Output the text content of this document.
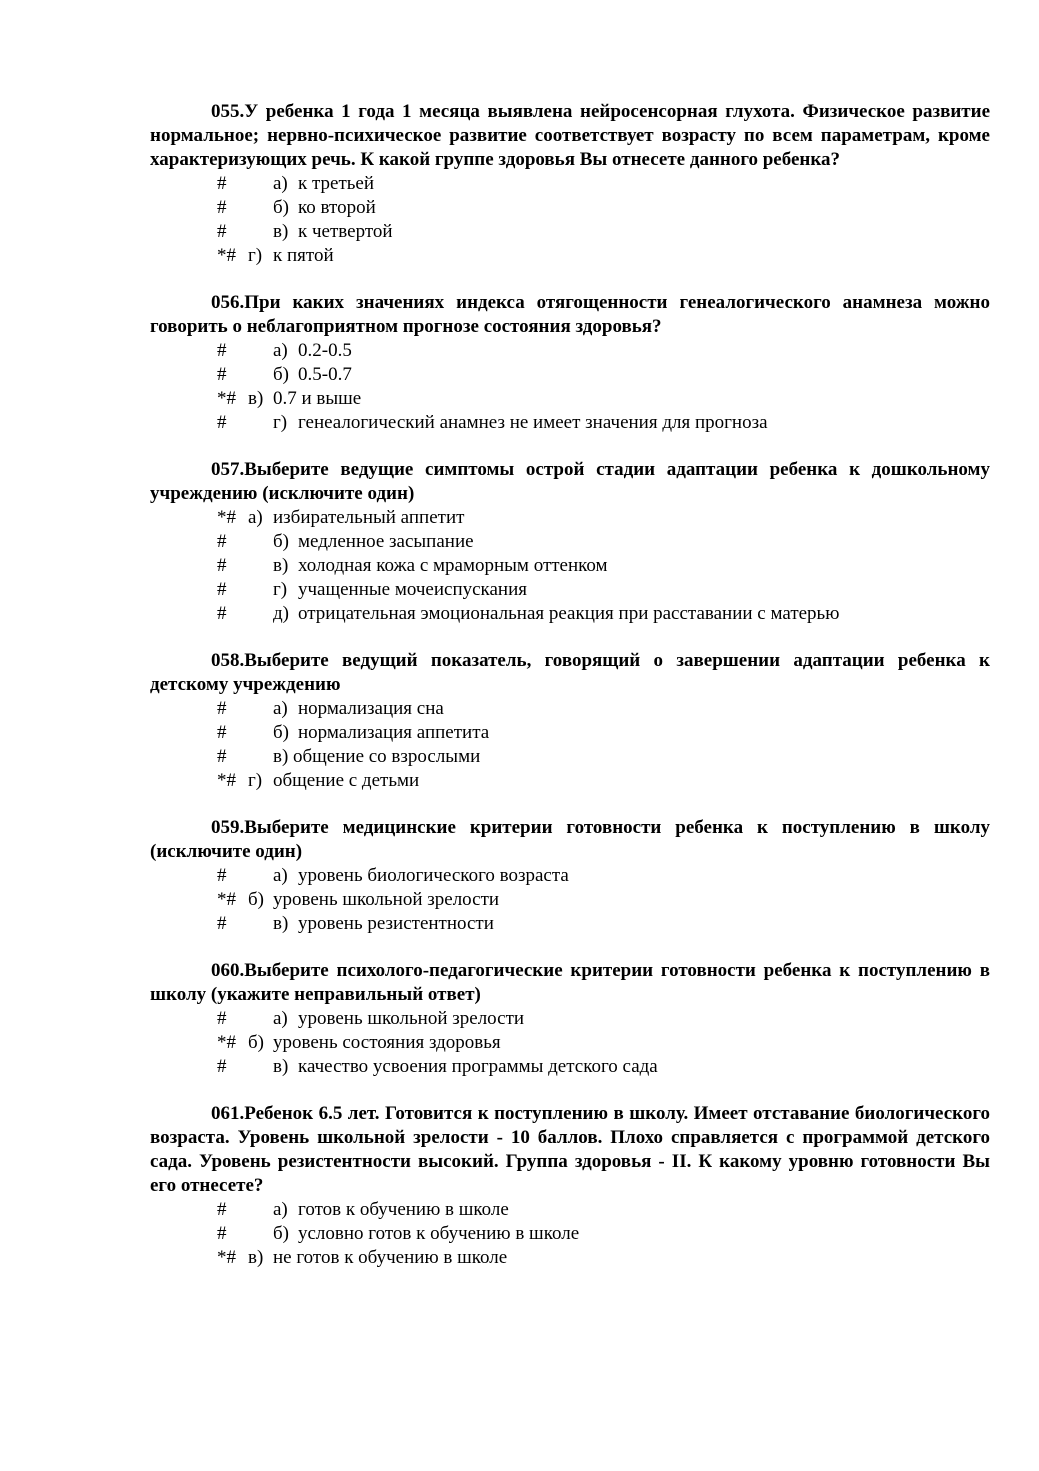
055.У ребенка 1 года 1 месяца выявлена нейросенсорная глухота. Физическое развитие нормальное; нервно-психическое развитие соответствует возрасту по всем параметрам, кроме характеризующих речь. К какой группе здоровья Вы отнесете данного ребенка?

# а) к третьей
# б) ко второй
# в) к четвертой
*# г) к пятой

056.При каких значениях индекса отягощенности генеалогического анамнеза можно говорить о неблагоприятном прогнозе состояния здоровья?

# а) 0.2-0.5
# б) 0.5-0.7
*# в) 0.7 и выше
# г) генеалогический анамнез не имеет значения для прогноза

057.Выберите ведущие симптомы острой стадии адаптации ребенка к дошкольному учреждению (исключите один)

*# а) избирательный аппетит
# б) медленное засыпание
# в) холодная кожа с мраморным оттенком
# г) учащенные мочеиспускания
# д) отрицательная эмоциональная реакция при расставании с матерью

058.Выберите ведущий показатель, говорящий о завершении адаптации ребенка к детскому учреждению

# а) нормализация сна
# б) нормализация аппетита
# в) общение со взрослыми
*# г) общение с детьми

059.Выберите медицинские критерии готовности ребенка к поступлению в школу (исключите один)

# а) уровень биологического возраста
*# б) уровень школьной зрелости
# в) уровень резистентности

060.Выберите психолого-педагогические критерии готовности ребенка к поступлению в школу (укажите неправильный ответ)

# а) уровень школьной зрелости
*# б) уровень состояния здоровья
# в) качество усвоения программы детского сада

061.Ребенок 6.5 лет. Готовится к поступлению в школу. Имеет отставание биологического возраста. Уровень школьной зрелости - 10 баллов. Плохо справляется с программой детского сада. Уровень резистентности высокий. Группа здоровья - II. К какому уровню готовности Вы его отнесете?

# а) готов к обучению в школе
# б) условно готов к обучению в школе
*# в) не готов к обучению в школе
